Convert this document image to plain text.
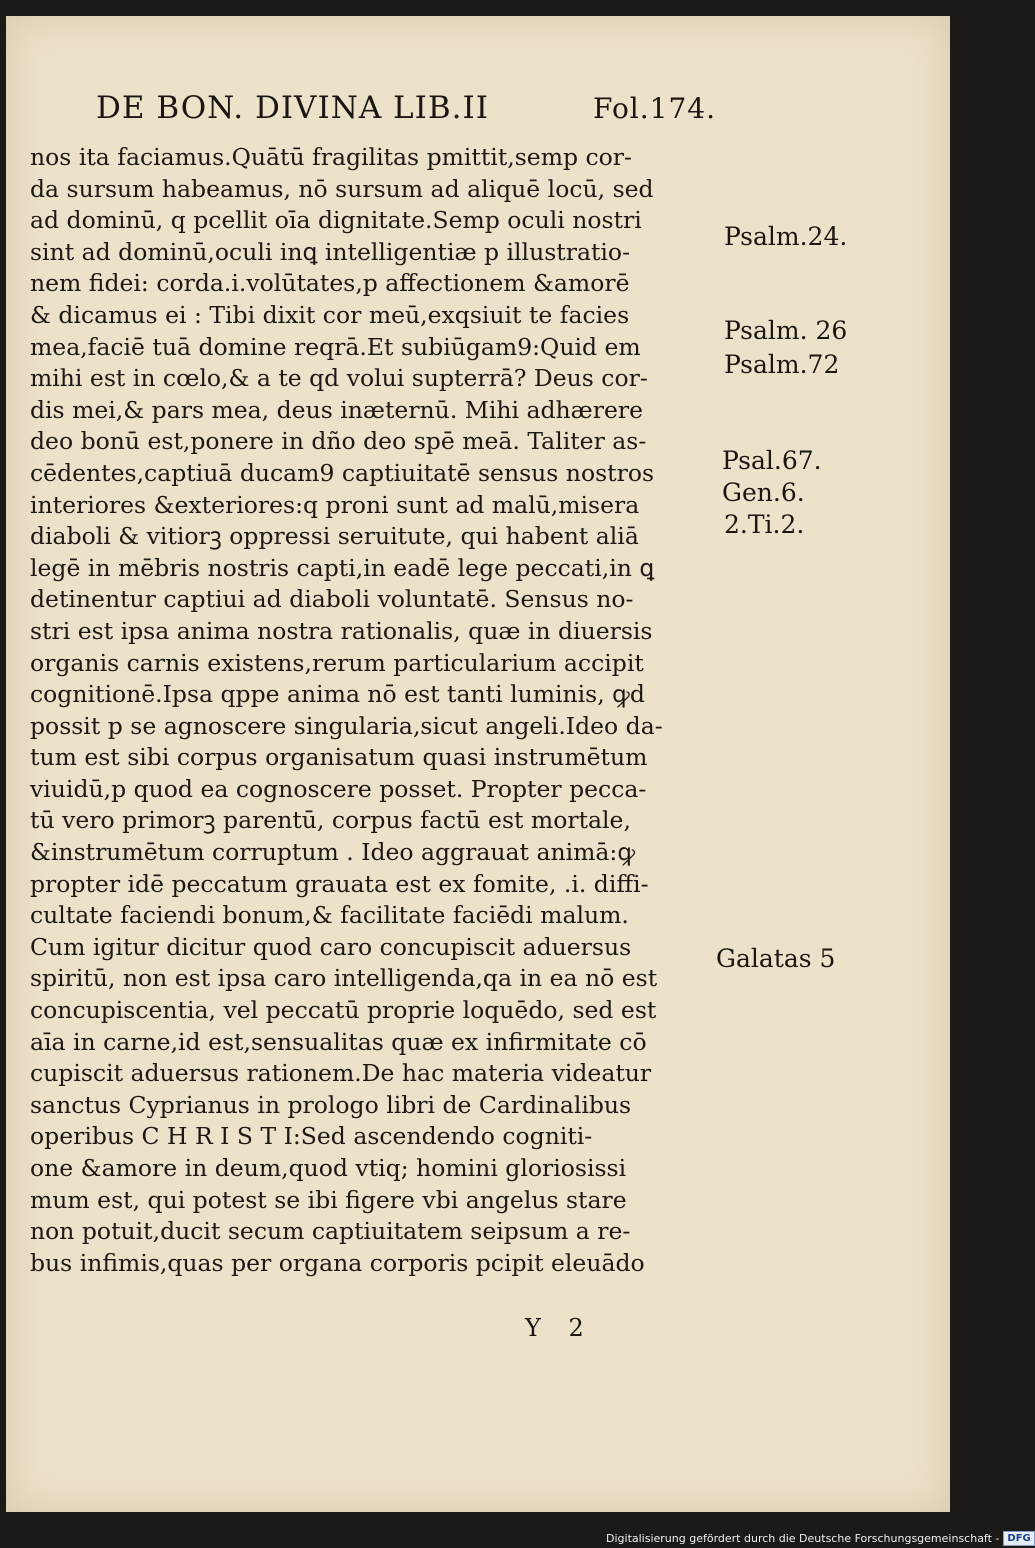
DE BON. DIVINA LIB.II	Fol.174.
nos ita faciamus.Quātū fragilitas pmittit,semp cor-
da sursum habeamus, nō sursum ad aliquē locū, sed
ad dominū, q pcellit oīa dignitate.Semp oculi nostri
sint ad dominū,oculi inꝗ intelligentiæ p illustratio-
nem fidei: corda.i.volūtates,p affectionem &amorē
& dicamus ei : Tibi dixit cor meū,exqsiuit te facies
mea,faciē tuā domine reqrā.Et subiūgam9:Quid em
mihi est in cœlo,& a te qd volui supterrā? Deus cor-
dis mei,& pars mea, deus inæternū. Mihi adhærere
deo bonū est,ponere in dño deo spē meā. Taliter as-
cēdentes,captiuā ducam9 captiuitatē sensus nostros
interiores &exteriores:q proni sunt ad malū,misera
diaboli & vitiorꝫ oppressi seruitute, qui habent aliā
legē in mēbris nostris capti,in eadē lege peccati,in ꝗ
detinentur captiui ad diaboli voluntatē. Sensus no-
stri est ipsa anima nostra rationalis, quæ in diuersis
organis carnis existens,rerum particularium accipit
cognitionē.Ipsa qppe anima nō est tanti luminis, ꝙd
possit p se agnoscere singularia,sicut angeli.Ideo da-
tum est sibi corpus organisatum quasi instrumētum
viuidū,p quod ea cognoscere posset. Propter pecca-
tū vero primorꝫ parentū, corpus factū est mortale,
&instrumētum corruptum . Ideo aggrauat animā:ꝙ
propter idē peccatum grauata est ex fomite, .i. diffi-
cultate faciendi bonum,& facilitate faciēdi malum.
Cum igitur dicitur quod caro concupiscit aduersus
spiritū, non est ipsa caro intelligenda,qa in ea nō est
concupiscentia, vel peccatū proprie loquēdo, sed est
aīa in carne,id est,sensualitas quæ ex infirmitate cō
cupiscit aduersus rationem.De hac materia videatur
sanctus Cyprianus in prologo libri de Cardinalibus
operibus C H R I S T I:Sed ascendendo cogniti-
one &amore in deum,quod vtiq; homini gloriosissi
mum est, qui potest se ibi figere vbi angelus stare
non potuit,ducit secum captiuitatem seipsum a re-
bus infimis,quas per organa corporis pcipit eleuādo
Psalm.24.
Psalm. 26
Psalm.72
Psal.67.
Gen.6.
2.Ti.2.
Galatas 5
Y 2
Digitalisierung gefördert durch die Deutsche Forschungsgemeinschaft - DFG
